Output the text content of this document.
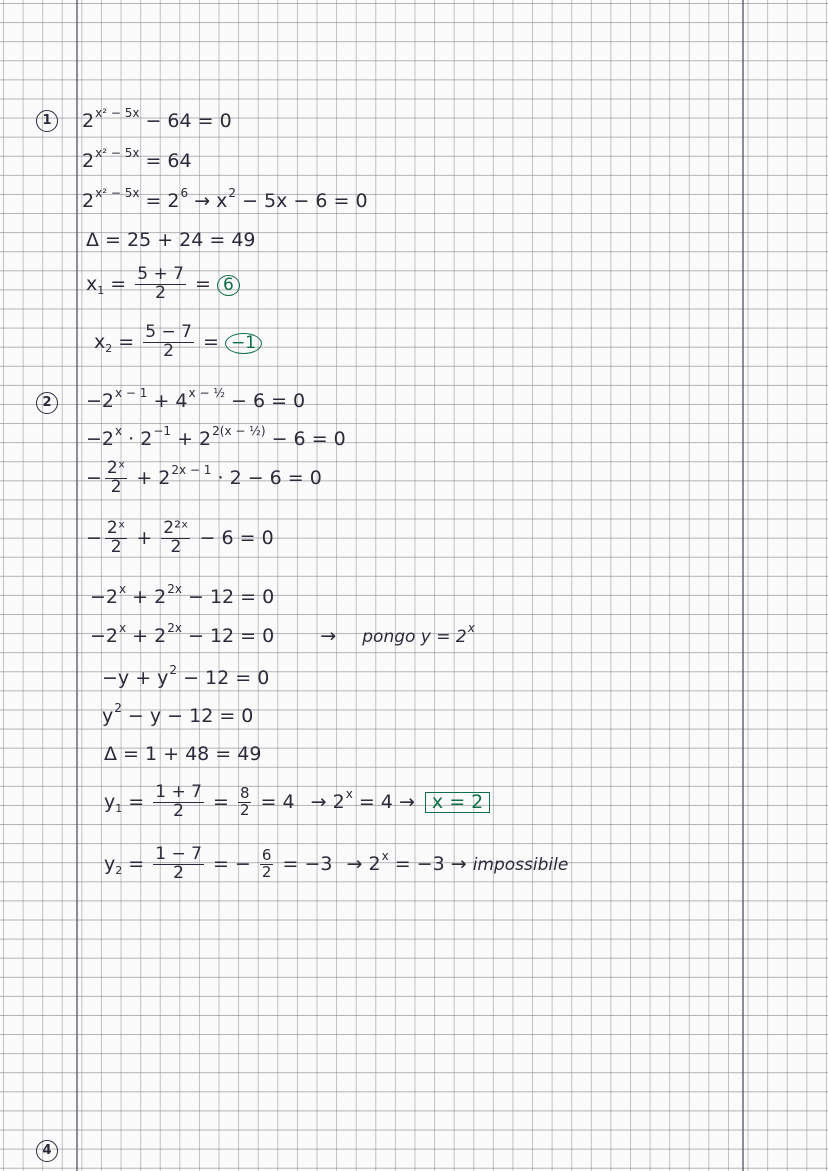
1	$2^{x^2 - 5x} - 64 = 0$
$2^{x^2 - 5x} = 64$
$2^{x^2 - 5x} = 2^6 \to x^2 - 5x - 6 = 0$
Δ = 25 + 24 = 49
$x_1 = \frac{5 + 7}{2} = 6$
$x_2 = \frac{5 - 7}{2} = -1$
2	$-2^{x - 1} + 4^{x - \frac{1}{2}} - 6 = 0$
$-2^x \cdot 2^{-1} + 2^{2(x - \frac{1}{2})} - 6 = 0$
− $\frac{\text{2ˣ}}{2} + 2^{2x - 1} \cdot 2 - 6 = 0$
− $\frac{\text{2ˣ}}{2} + \frac{\text{2²ˣ}}{2} - 6 = 0$
$-2^x + 2^{2x} - 12 = 0$
$-2^x + 2^{2x} - 12 = 0$ → pongo $y = 2^x$
$-y + y^2 - 12 = 0$
$y^2 - y - 12 = 0$
Δ = 1 + 48 = 49
$y_1 = \frac{1 + 7}{2} = \frac{8}{2} = 4 \to 2^x = 4 \to x = 2$
$y_2 = \frac{1 - 7}{2}$ = − $\frac{6}{2} = -3 \to 2^x = -3$ → impossibile
4
